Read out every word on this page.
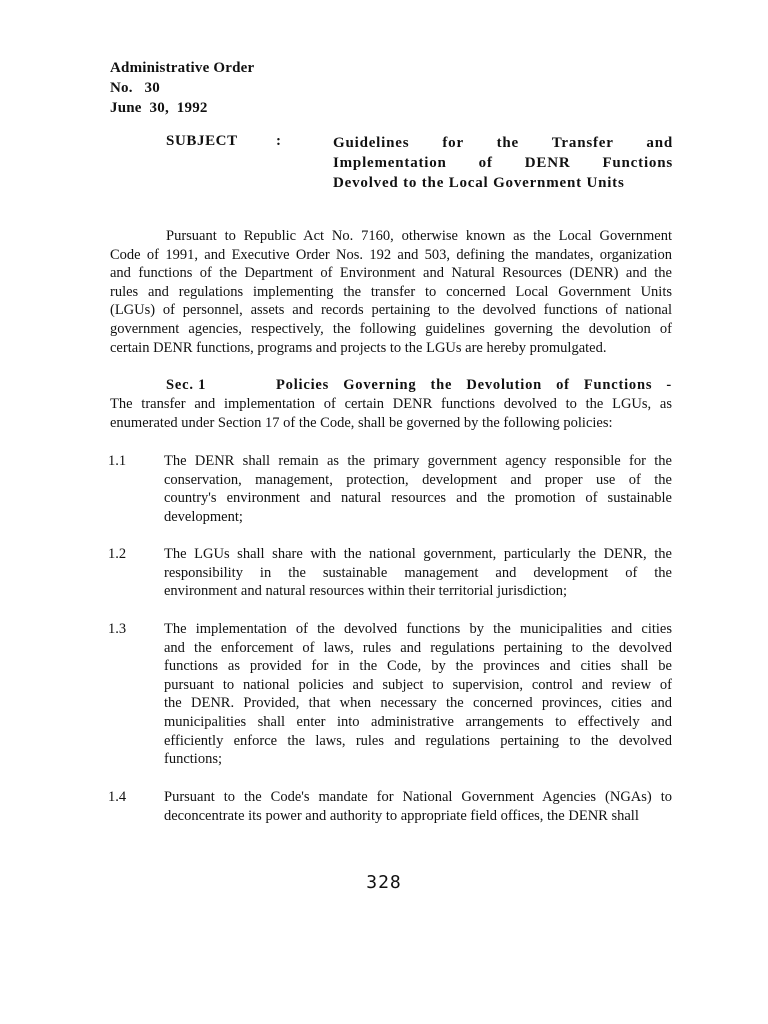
Administrative Order
No.   30
June  30,  1992
SUBJECT	:	Guidelines for the Transfer and
Implementation of DENR Functions
Devolved to the Local Government Units
Pursuant to Republic Act No. 7160, otherwise known as the Local Government
Code of 1991, and Executive Order Nos. 192 and 503, defining the mandates, organization
and functions of the Department of Environment and Natural Resources (DENR) and the
rules and regulations implementing the transfer to concerned Local Government Units
(LGUs) of personnel, assets and records pertaining to the devolved functions of national
government agencies, respectively, the following guidelines governing the devolution of
certain DENR functions, programs and projects to the LGUs are hereby promulgated.
Sec. 1	Policies Governing the Devolution of Functions -
The transfer and implementation of certain DENR functions devolved to the LGUs, as
enumerated under Section 17 of the Code, shall be governed by the following policies:
1.1	The DENR shall remain as the primary government agency responsible for the
conservation, management, protection, development and proper use of the
country's environment and natural resources and the promotion of sustainable
development;
1.2	The LGUs shall share with the national government, particularly the DENR, the
responsibility in the sustainable management and development of the
environment and natural resources within their territorial jurisdiction;
1.3	The implementation of the devolved functions by the municipalities and cities
and the enforcement of laws, rules and regulations pertaining to the devolved
functions as provided for in the Code, by the provinces and cities shall be
pursuant to national policies and subject to supervision, control and review of
the DENR. Provided, that when necessary the concerned provinces, cities and
municipalities shall enter into administrative arrangements to effectively and
efficiently enforce the laws, rules and regulations pertaining to the devolved
functions;
1.4	Pursuant to the Code's mandate for National Government Agencies (NGAs) to
deconcentrate its power and authority to appropriate field offices, the DENR shall
328
